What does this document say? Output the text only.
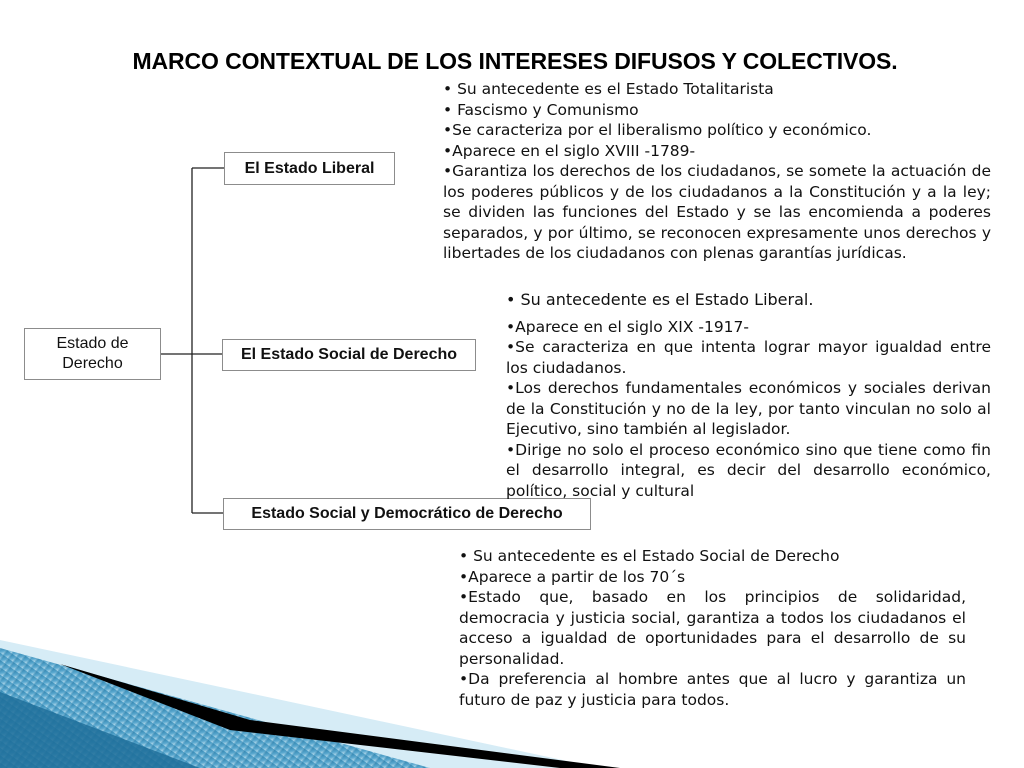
MARCO CONTEXTUAL DE LOS INTERESES DIFUSOS Y COLECTIVOS.
Estado de
Derecho
El Estado Liberal
El Estado Social de Derecho
Estado Social y Democrático de Derecho

• Su antecedente es el Estado Totalitarista

• Fascismo y Comunismo

•Se caracteriza por el liberalismo político y económico.

•Aparece en el siglo XVIII -1789-

•Garantiza los derechos de los ciudadanos, se somete la actuación de los poderes públicos y de los ciudadanos a la Constitución y a la ley; se dividen las funciones del Estado y se las encomienda a poderes separados, y por último, se reconocen expresamente unos derechos y libertades de los ciudadanos con plenas garantías jurídicas.

• Su antecedente es el Estado Liberal.

•Aparece en el siglo XIX -1917-

•Se caracteriza en que intenta lograr mayor igualdad entre los ciudadanos.

•Los derechos fundamentales económicos y sociales derivan de la Constitución y no de la ley, por tanto vinculan no solo al Ejecutivo, sino también al legislador.

•Dirige no solo el proceso económico sino que tiene como fin el desarrollo integral, es decir del desarrollo económico, político, social y cultural

• Su antecedente es el Estado Social de Derecho

•Aparece a partir de los 70´s

•Estado que, basado en los principios de solidaridad, democracia y justicia social, garantiza a todos los ciudadanos el acceso a igualdad de oportunidades para el desarrollo de su personalidad.

•Da preferencia al hombre antes que al lucro y garantiza un futuro de paz y justicia para todos.
